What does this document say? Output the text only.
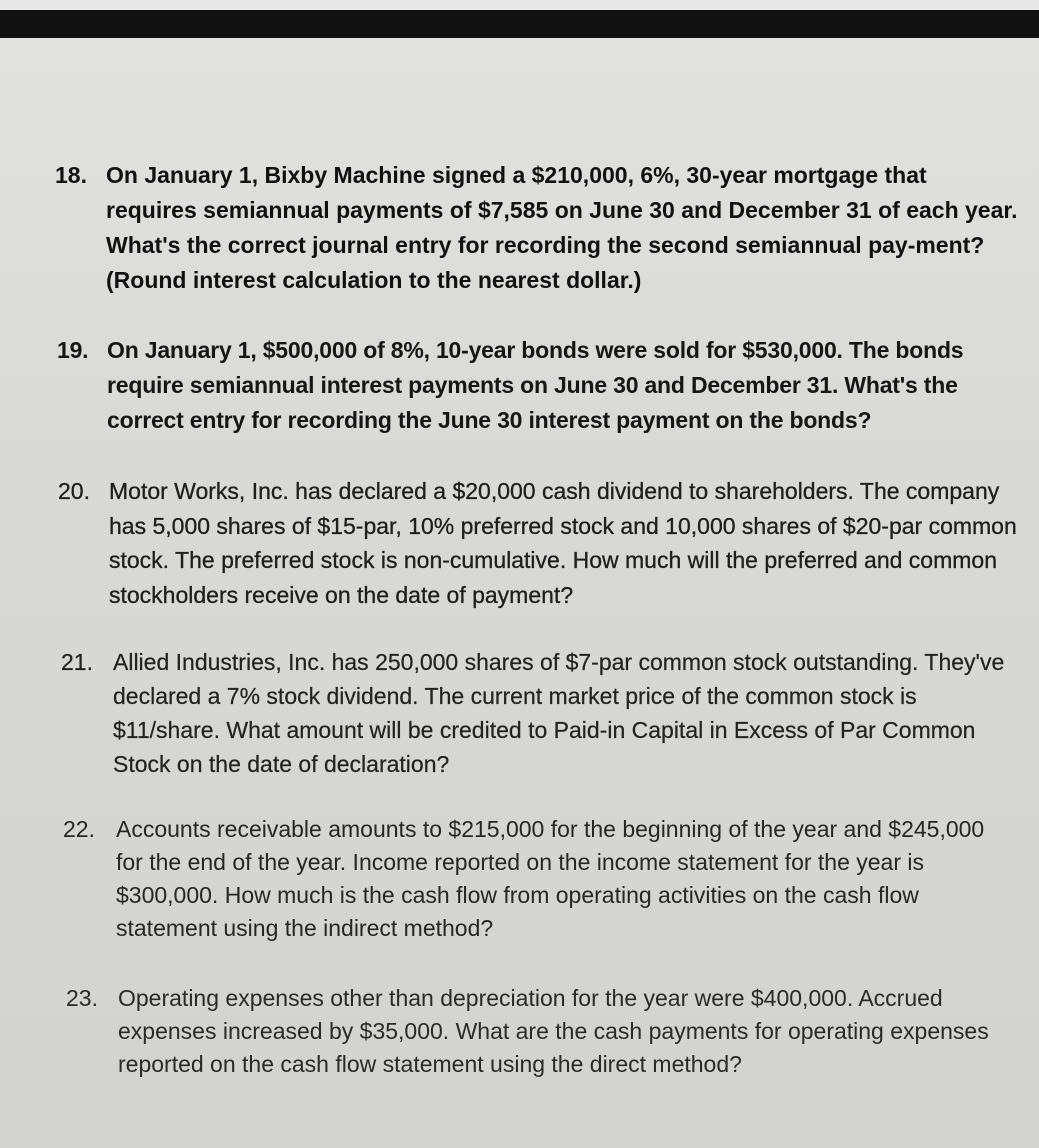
18. On January 1, Bixby Machine signed a $210,000, 6%, 30-year mortgage that requires semiannual payments of $7,585 on June 30 and December 31 of each year. What's the correct journal entry for recording the second semiannual pay-ment? (Round interest calculation to the nearest dollar.)

19. On January 1, $500,000 of 8%, 10-year bonds were sold for $530,000. The bonds require semiannual interest payments on June 30 and December 31. What's the correct entry for recording the June 30 interest payment on the bonds?

20. Motor Works, Inc. has declared a $20,000 cash dividend to shareholders. The company has 5,000 shares of $15-par, 10% preferred stock and 10,000 shares of $20-par common stock. The preferred stock is non-cumulative. How much will the preferred and common stockholders receive on the date of payment?

21. Allied Industries, Inc. has 250,000 shares of $7-par common stock outstanding. They've declared a 7% stock dividend. The current market price of the common stock is $11/share. What amount will be credited to Paid-in Capital in Excess of Par Common Stock on the date of declaration?

22. Accounts receivable amounts to $215,000 for the beginning of the year and $245,000 for the end of the year. Income reported on the income statement for the year is $300,000. How much is the cash flow from operating activities on the cash flow statement using the indirect method?

23. Operating expenses other than depreciation for the year were $400,000. Accrued expenses increased by $35,000. What are the cash payments for operating expenses reported on the cash flow statement using the direct method?
